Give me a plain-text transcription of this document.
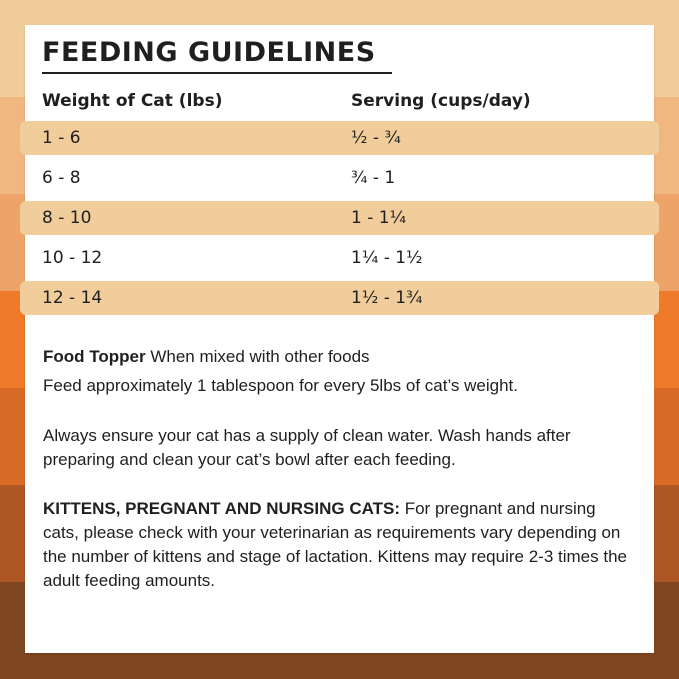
FEEDING GUIDELINES
Weight of Cat (lbs)	Serving (cups/day)
1 - 6	½ - ¾
6 - 8	¾ - 1
8 - 10	1 - 1¼
10 - 12	1¼ - 1½
12 - 14	1½ - 1¾
Food Topper When mixed with other foods
Feed approximately 1 tablespoon for every 5lbs of cat’s weight.
Always ensure your cat has a supply of clean water. Wash hands after preparing and clean your cat’s bowl after each feeding.
KITTENS, PREGNANT AND NURSING CATS: For pregnant and nursing cats, please check with your veterinarian as requirements vary depending on the number of kittens and stage of lactation. Kittens may require 2-3 times the adult feeding amounts.
